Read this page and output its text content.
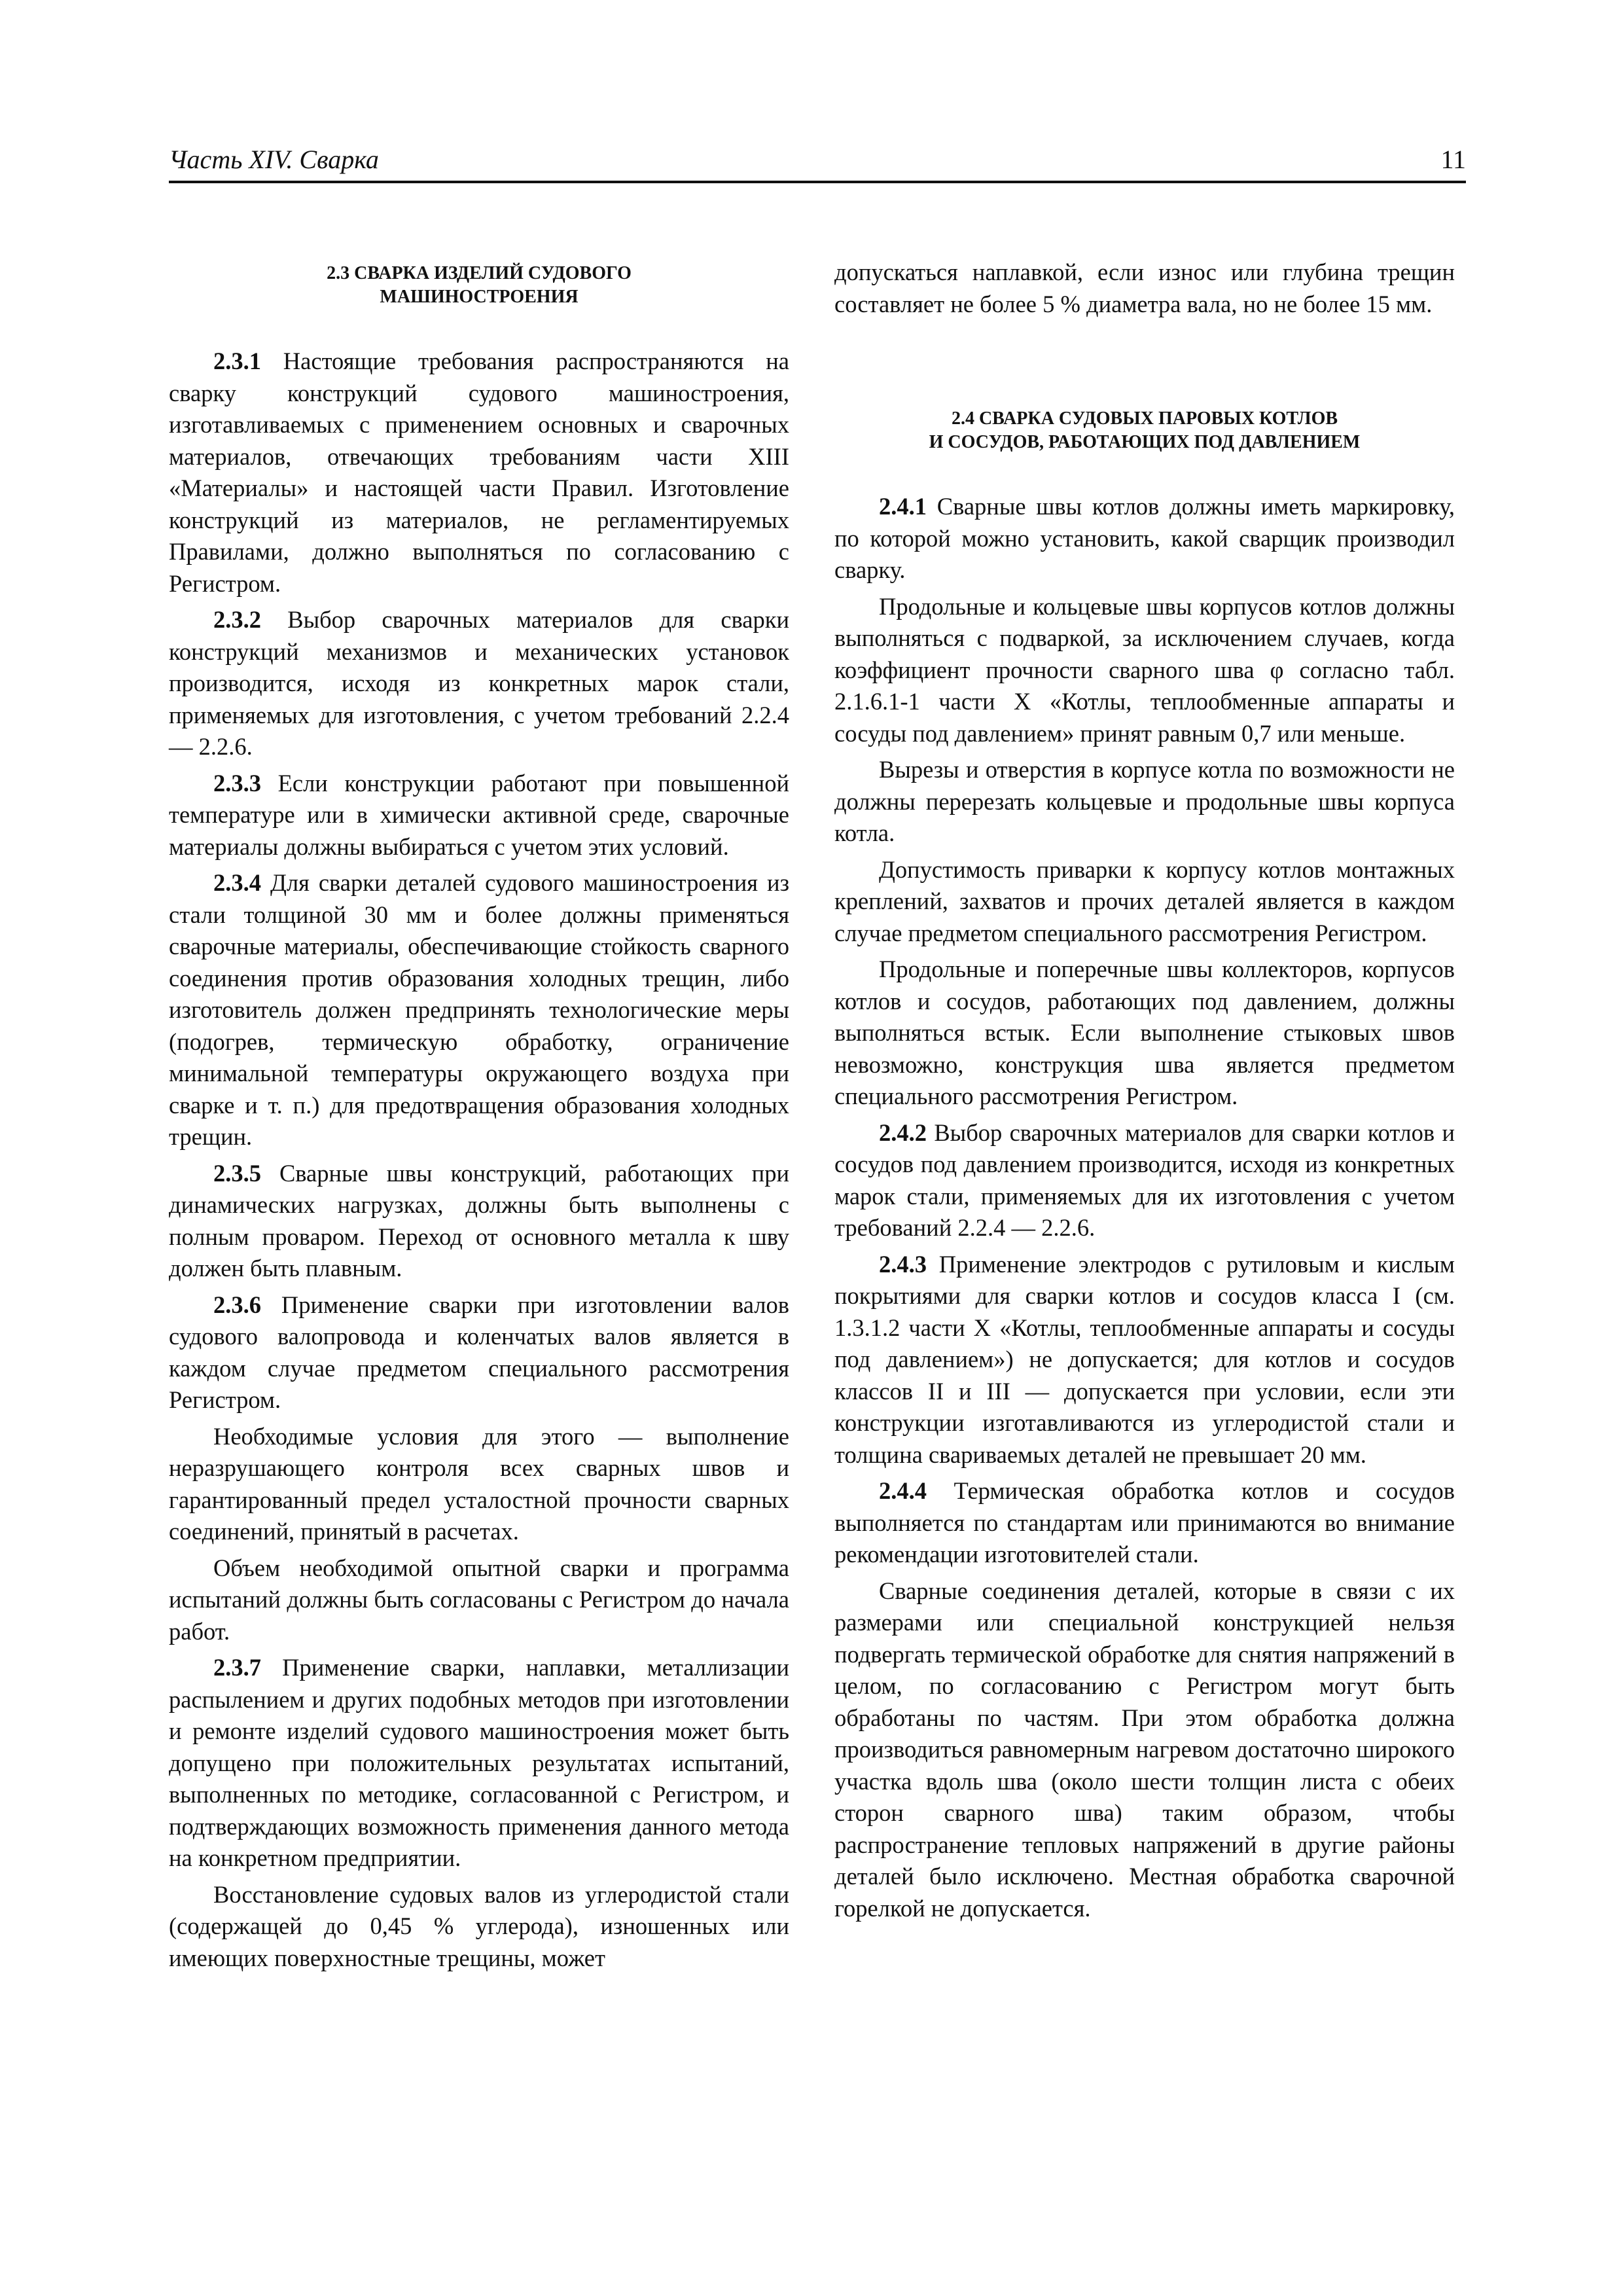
Часть XIV. Сварка	11
2.3 СВАРКА ИЗДЕЛИЙ СУДОВОГО
МАШИНОСТРОЕНИЯ

2.3.1 Настоящие требования распространяются на сварку конструкций судового машиностроения, изготавливаемых с применением основных и сварочных материалов, отвечающих требованиям части XIII «Материалы» и настоящей части Правил. Изготовление конструкций из материалов, не регламентируемых Правилами, должно выполняться по согласованию с Регистром.

2.3.2 Выбор сварочных материалов для сварки конструкций механизмов и механических установок производится, исходя из конкретных марок стали, применяемых для изготовления, с учетом требований 2.2.4 — 2.2.6.

2.3.3 Если конструкции работают при повышенной температуре или в химически активной среде, сварочные материалы должны выбираться с учетом этих условий.

2.3.4 Для сварки деталей судового машиностроения из стали толщиной 30 мм и более должны применяться сварочные материалы, обеспечивающие стойкость сварного соединения против образования холодных трещин, либо изготовитель должен предпринять технологические меры (подогрев, термическую обработку, ограничение минимальной температуры окружающего воздуха при сварке и т. п.) для предотвращения образования холодных трещин.

2.3.5 Сварные швы конструкций, работающих при динамических нагрузках, должны быть выполнены с полным проваром. Переход от основного металла к шву должен быть плавным.

2.3.6 Применение сварки при изготовлении валов судового валопровода и коленчатых валов является в каждом случае предметом специального рассмотрения Регистром.

Необходимые условия для этого — выполнение неразрушающего контроля всех сварных швов и гарантированный предел усталостной прочности сварных соединений, принятый в расчетах.

Объем необходимой опытной сварки и программа испытаний должны быть согласованы с Регистром до начала работ.

2.3.7 Применение сварки, наплавки, металлизации распылением и других подобных методов при изготовлении и ремонте изделий судового машиностроения может быть допущено при положительных результатах испытаний, выполненных по методике, согласованной с Регистром, и подтверждающих возможность применения данного метода на конкретном предприятии.

Восстановление судовых валов из углеродистой стали (содержащей до 0,45 % углерода), изношенных или имеющих поверхностные трещины, может

допускаться наплавкой, если износ или глубина трещин составляет не более 5 % диаметра вала, но не более 15 мм.

2.4 СВАРКА СУДОВЫХ ПАРОВЫХ КОТЛОВ
И СОСУДОВ, РАБОТАЮЩИХ ПОД ДАВЛЕНИЕМ

2.4.1 Сварные швы котлов должны иметь маркировку, по которой можно установить, какой сварщик производил сварку.

Продольные и кольцевые швы корпусов котлов должны выполняться с подваркой, за исключением случаев, когда коэффициент прочности сварного шва φ согласно табл. 2.1.6.1-1 части X «Котлы, теплообменные аппараты и сосуды под давлением» принят равным 0,7 или меньше.

Вырезы и отверстия в корпусе котла по возможности не должны перерезать кольцевые и продольные швы корпуса котла.

Допустимость приварки к корпусу котлов монтажных креплений, захватов и прочих деталей является в каждом случае предметом специального рассмотрения Регистром.

Продольные и поперечные швы коллекторов, корпусов котлов и сосудов, работающих под давлением, должны выполняться встык. Если выполнение стыковых швов невозможно, конструкция шва является предметом специального рассмотрения Регистром.

2.4.2 Выбор сварочных материалов для сварки котлов и сосудов под давлением производится, исходя из конкретных марок стали, применяемых для их изготовления с учетом требований 2.2.4 — 2.2.6.

2.4.3 Применение электродов с рутиловым и кислым покрытиями для сварки котлов и сосудов класса I (см. 1.3.1.2 части X «Котлы, теплообменные аппараты и сосуды под давлением») не допускается; для котлов и сосудов классов II и III — допускается при условии, если эти конструкции изготавливаются из углеродистой стали и толщина свариваемых деталей не превышает 20 мм.

2.4.4 Термическая обработка котлов и сосудов выполняется по стандартам или принимаются во внимание рекомендации изготовителей стали.

Сварные соединения деталей, которые в связи с их размерами или специальной конструкцией нельзя подвергать термической обработке для снятия напряжений в целом, по согласованию с Регистром могут быть обработаны по частям. При этом обработка должна производиться равномерным нагревом достаточно широкого участка вдоль шва (около шести толщин листа с обеих сторон сварного шва) таким образом, чтобы распространение тепловых напряжений в другие районы деталей было исключено. Местная обработка сварочной горелкой не допускается.
